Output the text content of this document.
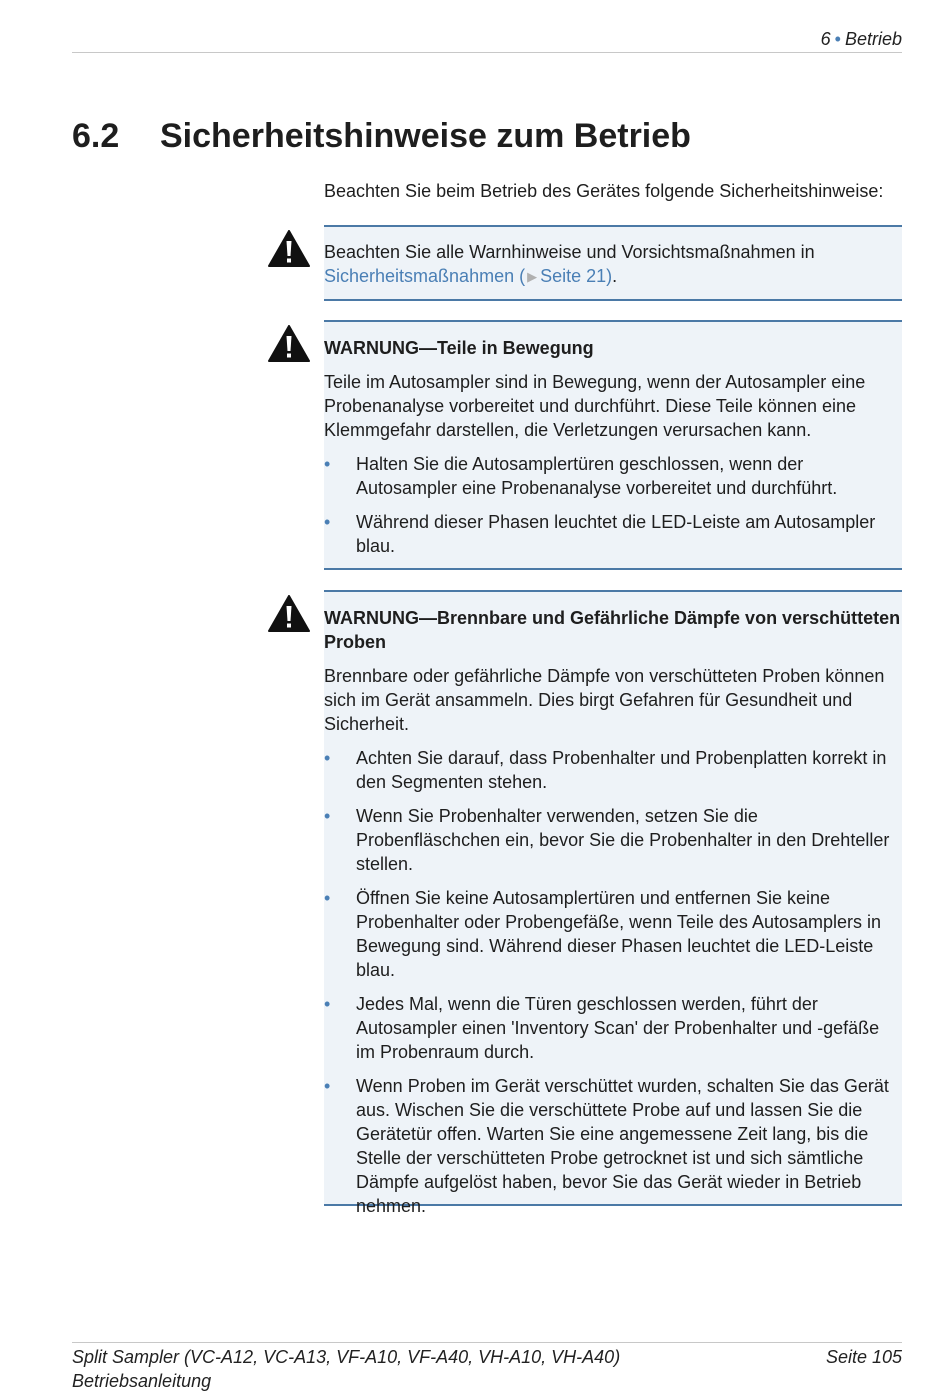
6 • Betrieb
6.2 Sicherheitshinweise zum Betrieb
Beachten Sie beim Betrieb des Gerätes folgende Sicherheitshinweise:

Beachten Sie alle Warnhinweise und Vorsichtsmaßnahmen in
Sicherheitsmaßnahmen ( ▶ Seite 21).

WARNUNG—Teile in Bewegung

Teile im Autosampler sind in Bewegung, wenn der Autosampler eine Probenanalyse vorbereitet und durchführt. Diese Teile können eine Klemmgefahr darstellen, die Verletzungen verursachen kann.

• Halten Sie die Autosamplertüren geschlossen, wenn der Autosampler eine Probenanalyse vorbereitet und durchführt.
• Während dieser Phasen leuchtet die LED-Leiste am Autosampler blau.

WARNUNG—Brennbare und Gefährliche Dämpfe von verschütteten Proben

Brennbare oder gefährliche Dämpfe von verschütteten Proben können sich im Gerät ansammeln. Dies birgt Gefahren für Gesundheit und Sicherheit.

• Achten Sie darauf, dass Probenhalter und Probenplatten korrekt in den Segmenten stehen.
• Wenn Sie Probenhalter verwenden, setzen Sie die Probenfläschchen ein, bevor Sie die Probenhalter in den Drehteller stellen.
• Öffnen Sie keine Autosamplertüren und entfernen Sie keine Probenhalter oder Probengefäße, wenn Teile des Autosamplers in Bewegung sind. Während dieser Phasen leuchtet die LED-Leiste blau.
• Jedes Mal, wenn die Türen geschlossen werden, führt der Autosampler einen 'Inventory Scan' der Probenhalter und -gefäße im Probenraum durch.
• Wenn Proben im Gerät verschüttet wurden, schalten Sie das Gerät aus. Wischen Sie die verschüttete Probe auf und lassen Sie die Gerätetür offen. Warten Sie eine angemessene Zeit lang, bis die Stelle der verschütteten Probe getrocknet ist und sich sämtliche Dämpfe aufgelöst haben, bevor Sie das Gerät wieder in Betrieb nehmen.
Split Sampler (VC-A12, VC-A13, VF-A10, VF-A40, VH-A10, VH-A40)
Betriebsanleitung
Seite 105
